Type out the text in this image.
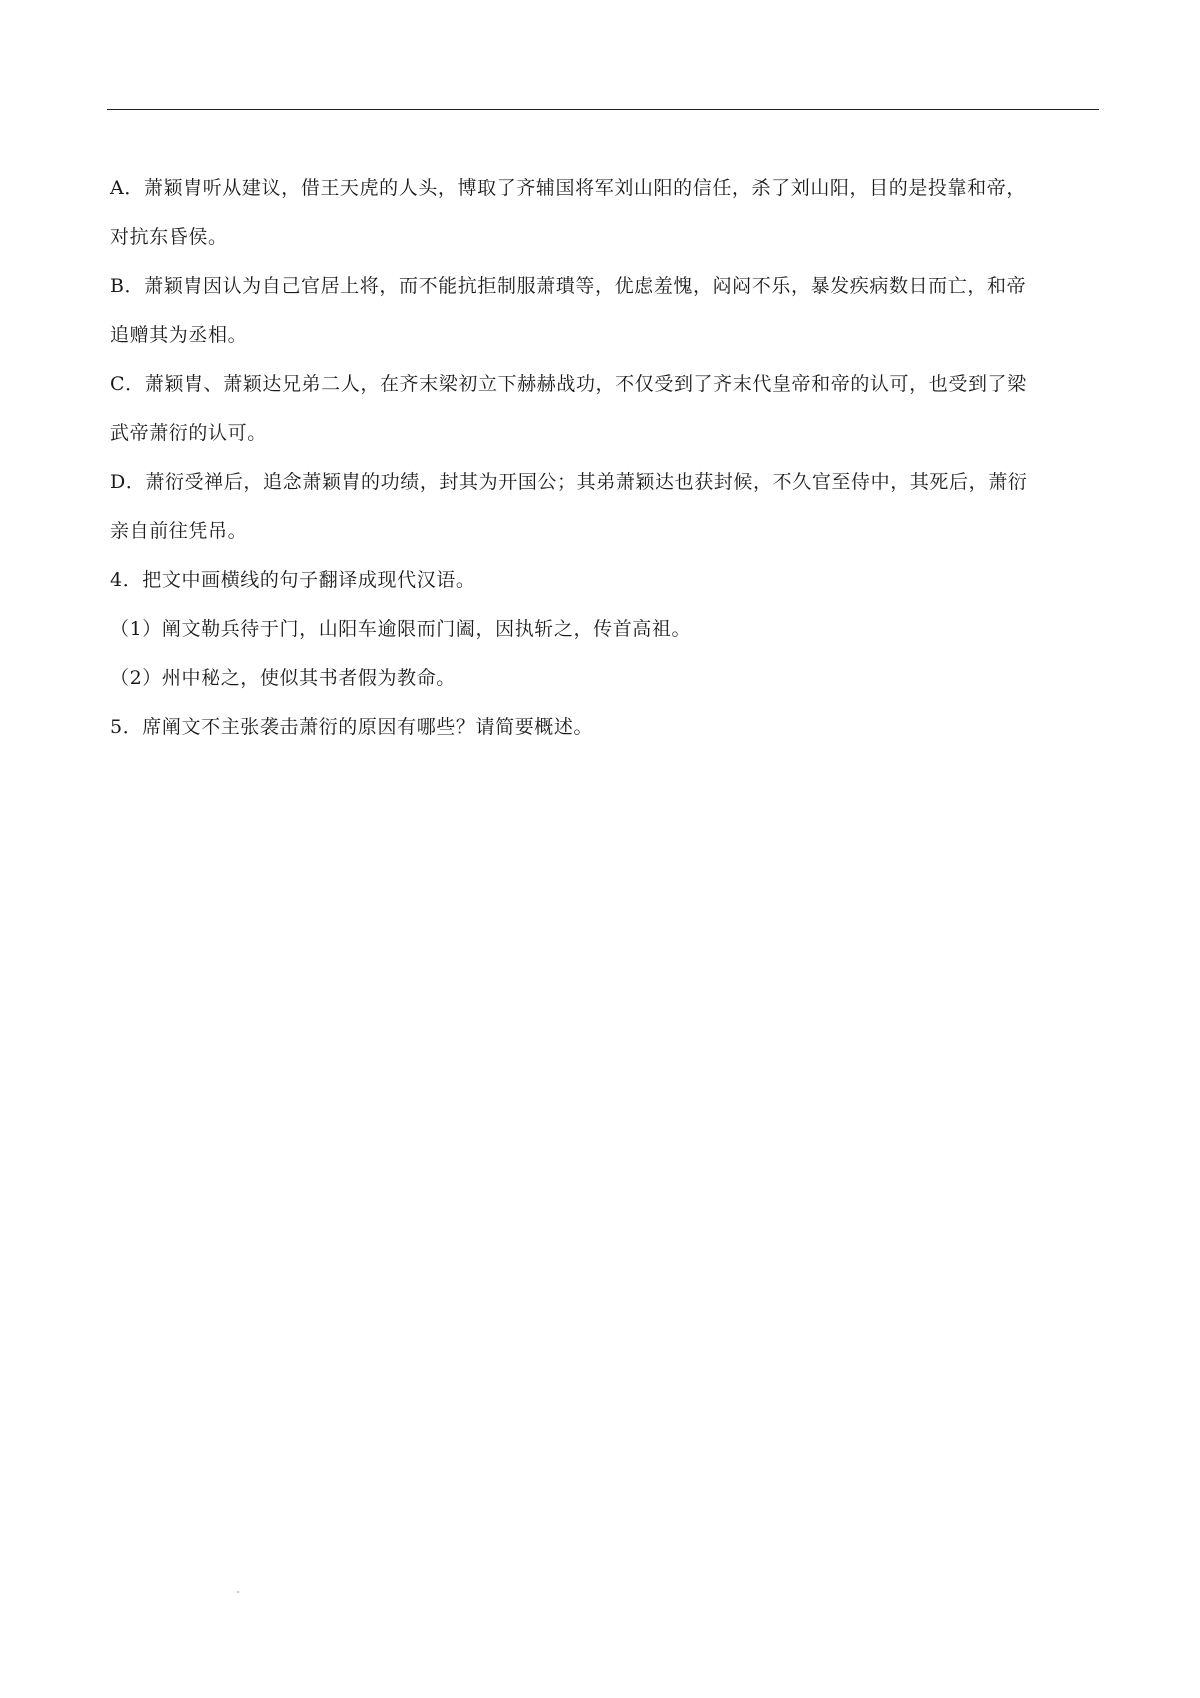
A．萧颖胄听从建议，借王天虎的人头，博取了齐辅国将军刘山阳的信任，杀了刘山阳，目的是投靠和帝，
对抗东昏侯。
B．萧颖胄因认为自己官居上将，而不能抗拒制服萧璝等，优虑羞愧，闷闷不乐，暴发疾病数日而亡，和帝
追赠其为丞相。
C．萧颖胄、萧颖达兄弟二人，在齐末梁初立下赫赫战功，不仅受到了齐末代皇帝和帝的认可，也受到了梁
武帝萧衍的认可。
D．萧衍受禅后，追念萧颖胄的功绩，封其为开国公；其弟萧颖达也获封候，不久官至侍中，其死后，萧衍
亲自前往凭吊。
4．把文中画横线的句子翻译成现代汉语。
（1）阐文勒兵待于门，山阳车逾限而门阖，因执斩之，传首高祖。
（2）州中秘之，使似其书者假为教命。
5．席阐文不主张袭击萧衍的原因有哪些？请简要概述。
